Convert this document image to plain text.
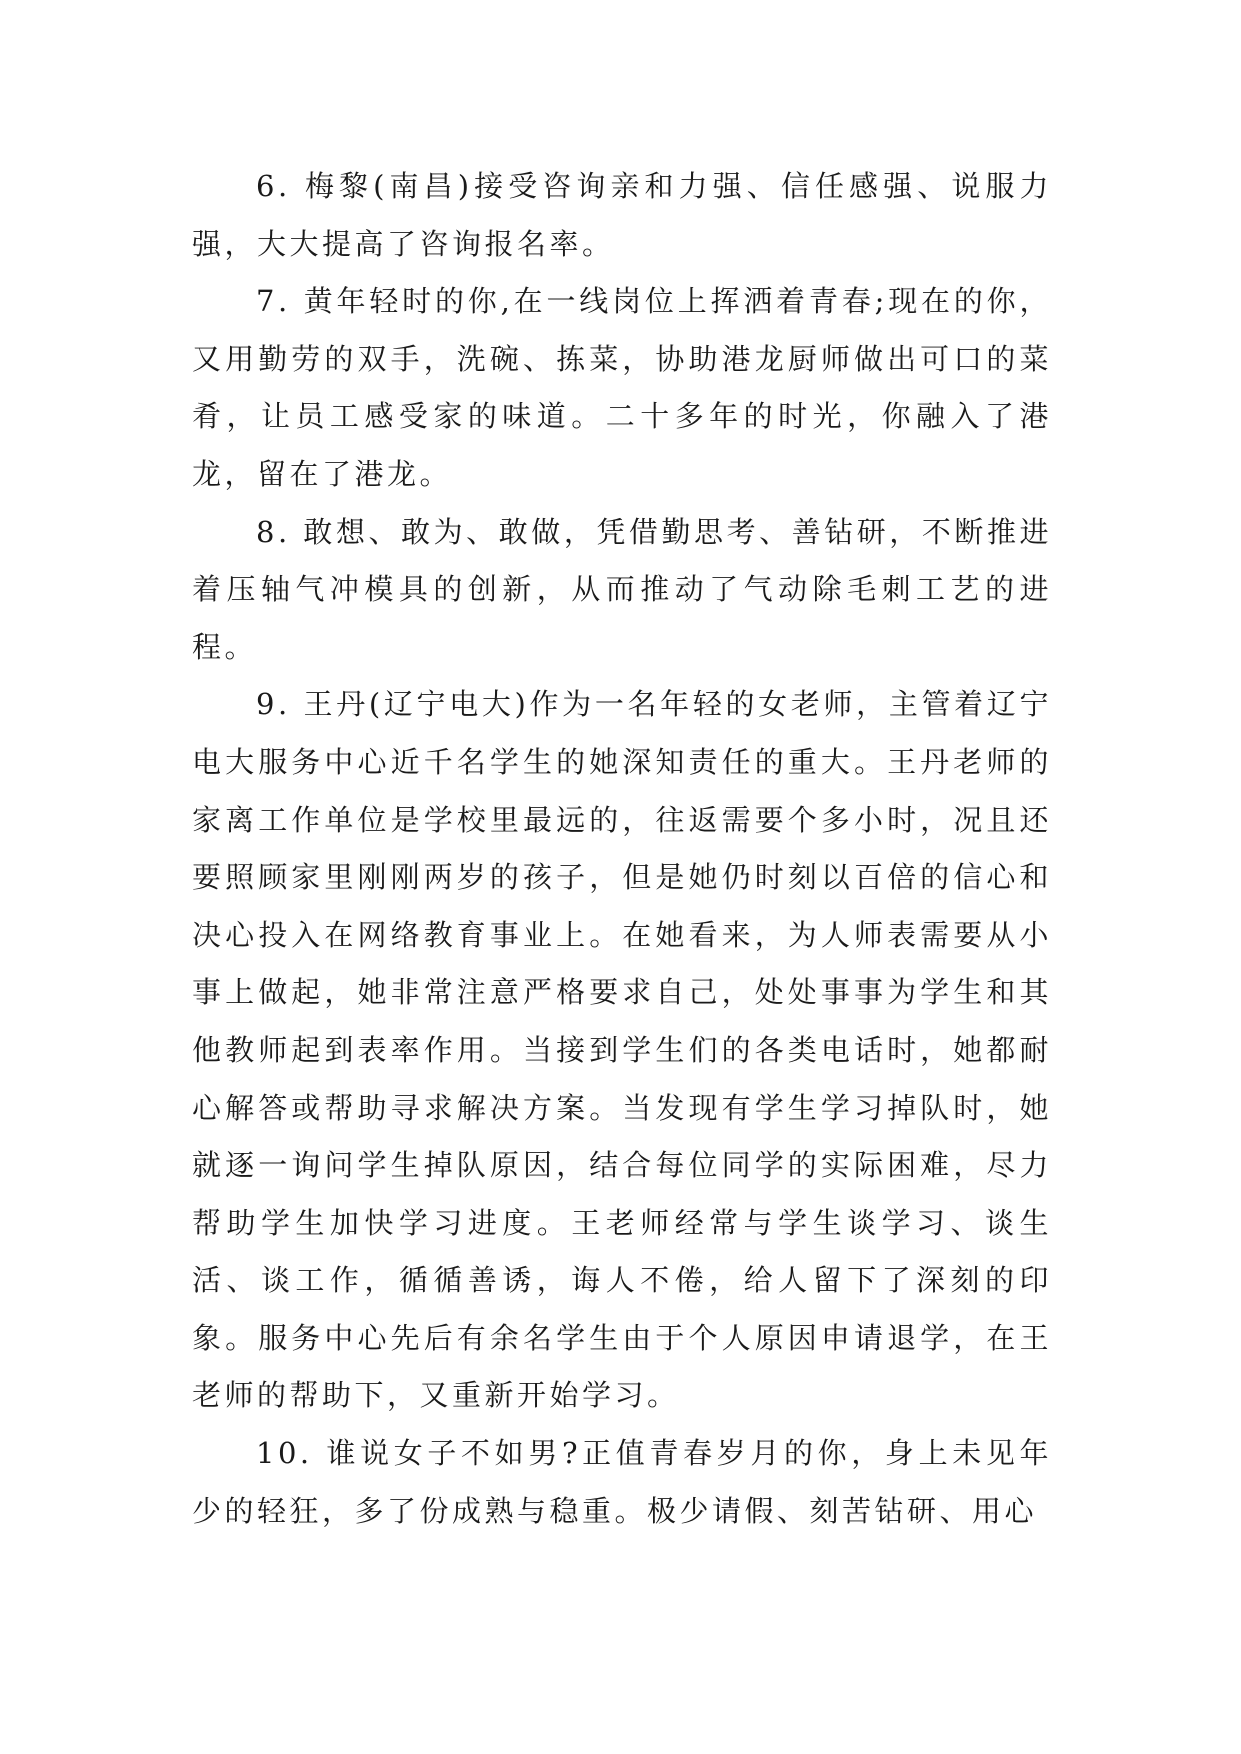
6. 梅黎(南昌)接受咨询亲和力强、信任感强、说服力强，大大提高了咨询报名率。

7. 黄年轻时的你,在一线岗位上挥洒着青春;现在的你，又用勤劳的双手，洗碗、拣菜，协助港龙厨师做出可口的菜肴，让员工感受家的味道。二十多年的时光，你融入了港龙，留在了港龙。

8. 敢想、敢为、敢做，凭借勤思考、善钻研，不断推进着压轴气冲模具的创新，从而推动了气动除毛刺工艺的进程。

9. 王丹(辽宁电大)作为一名年轻的女老师，主管着辽宁电大服务中心近千名学生的她深知责任的重大。王丹老师的家离工作单位是学校里最远的，往返需要个多小时，况且还要照顾家里刚刚两岁的孩子，但是她仍时刻以百倍的信心和决心投入在网络教育事业上。在她看来，为人师表需要从小事上做起，她非常注意严格要求自己，处处事事为学生和其他教师起到表率作用。当接到学生们的各类电话时，她都耐心解答或帮助寻求解决方案。当发现有学生学习掉队时，她就逐一询问学生掉队原因，结合每位同学的实际困难，尽力帮助学生加快学习进度。王老师经常与学生谈学习、谈生活、谈工作，循循善诱，诲人不倦，给人留下了深刻的印象。服务中心先后有余名学生由于个人原因申请退学，在王老师的帮助下，又重新开始学习。

10. 谁说女子不如男?正值青春岁月的你，身上未见年少的轻狂，多了份成熟与稳重。极少请假、刻苦钻研、用心
